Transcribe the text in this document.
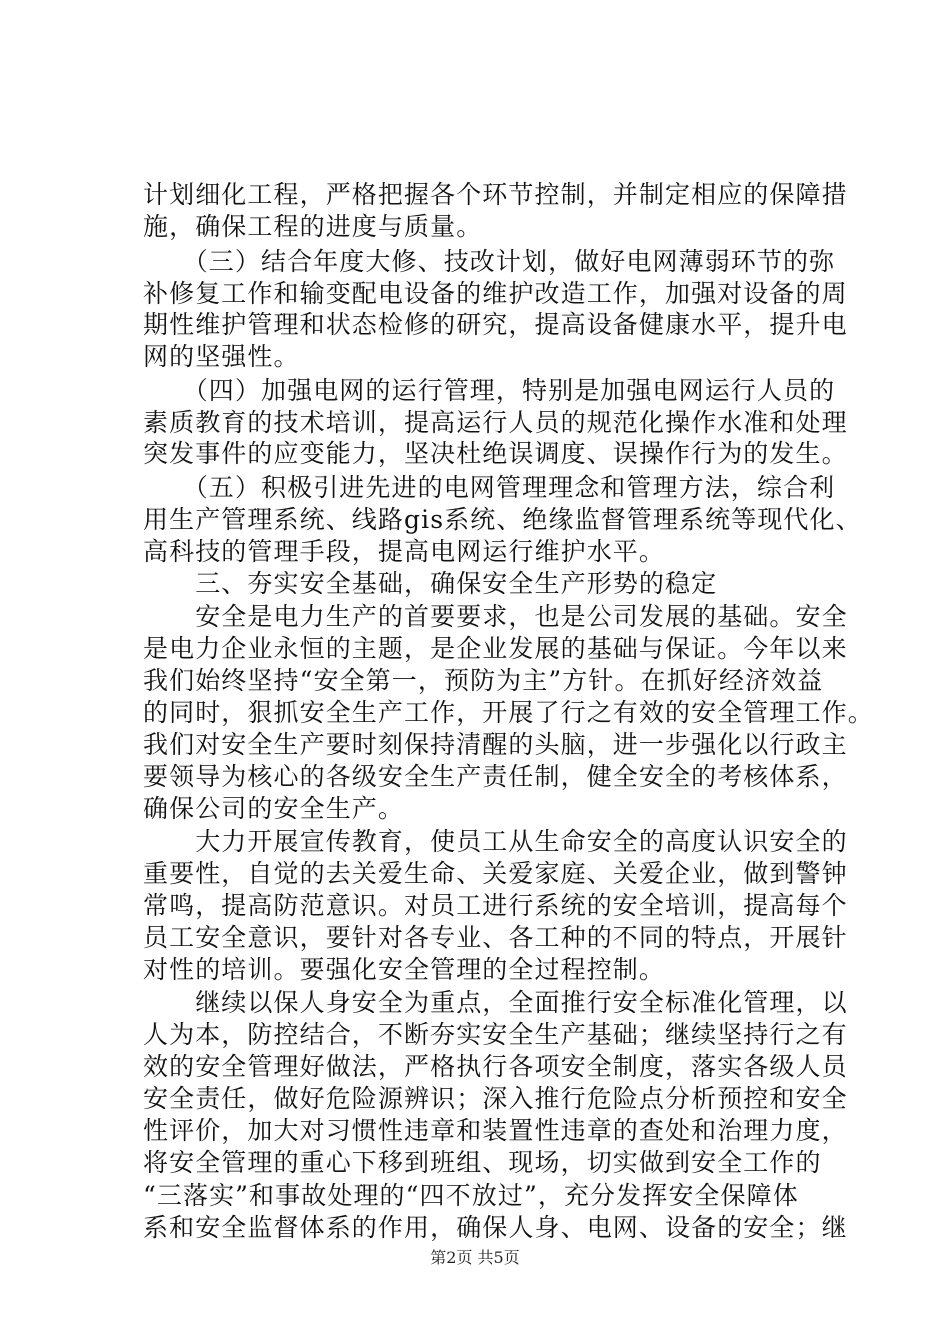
计划细化工程，严格把握各个环节控制，并制定相应的保障措
施，确保工程的进度与质量。
　　（三）结合年度大修、技改计划，做好电网薄弱环节的弥
补修复工作和输变配电设备的维护改造工作，加强对设备的周
期性维护管理和状态检修的研究，提高设备健康水平，提升电
网的坚强性。
　　（四）加强电网的运行管理，特别是加强电网运行人员的
素质教育的技术培训，提高运行人员的规范化操作水准和处理
突发事件的应变能力，坚决杜绝误调度、误操作行为的发生。
　　（五）积极引进先进的电网管理理念和管理方法，综合利
用生产管理系统、线路gis系统、绝缘监督管理系统等现代化、
高科技的管理手段，提高电网运行维护水平。
　　三、夯实安全基础，确保安全生产形势的稳定
　　安全是电力生产的首要要求，也是公司发展的基础。安全
是电力企业永恒的主题，是企业发展的基础与保证。今年以来
我们始终坚持“安全第一，预防为主”方针。在抓好经济效益
的同时，狠抓安全生产工作，开展了行之有效的安全管理工作。
我们对安全生产要时刻保持清醒的头脑，进一步强化以行政主
要领导为核心的各级安全生产责任制，健全安全的考核体系，
确保公司的安全生产。
　　大力开展宣传教育，使员工从生命安全的高度认识安全的
重要性，自觉的去关爱生命、关爱家庭、关爱企业，做到警钟
常鸣，提高防范意识。对员工进行系统的安全培训，提高每个
员工安全意识，要针对各专业、各工种的不同的特点，开展针
对性的培训。要强化安全管理的全过程控制。
　　继续以保人身安全为重点，全面推行安全标准化管理，以
人为本，防控结合，不断夯实安全生产基础；继续坚持行之有
效的安全管理好做法，严格执行各项安全制度，落实各级人员
安全责任，做好危险源辨识；深入推行危险点分析预控和安全
性评价，加大对习惯性违章和装置性违章的查处和治理力度，
将安全管理的重心下移到班组、现场，切实做到安全工作的
“三落实”和事故处理的“四不放过”，充分发挥安全保障体
系和安全监督体系的作用，确保人身、电网、设备的安全；继
第2页 共5页
